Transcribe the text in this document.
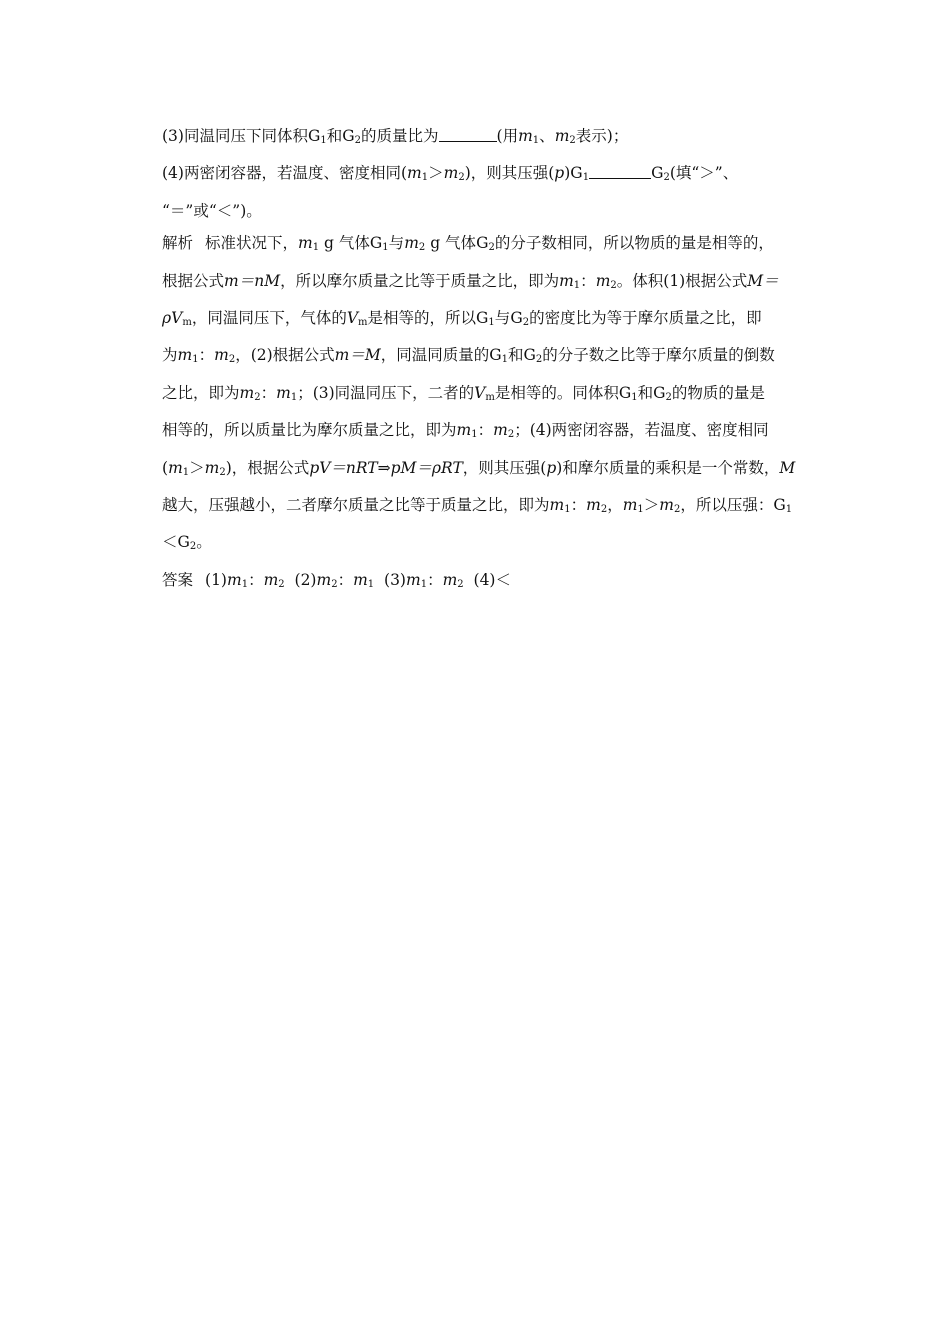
(3)同温同压下同体积G1和G2的质量比为	(用m1、m2表示)；
(4)两密闭容器，若温度、密度相同(m1＞m2)，则其压强(p)G1	G2(填“＞”、
“＝”或“＜”)。
解析 标准状况下，m1 g 气体G1与m2 g 气体G2的分子数相同，所以物质的量是相等的，
根据公式m＝nM，所以摩尔质量之比等于质量之比，即为m1：m2。体积(1)根据公式M＝
ρVm，同温同压下，气体的Vm是相等的，所以G1与G2的密度比为等于摩尔质量之比，即
为m1：m2，(2)根据公式m＝M，同温同质量的G1和G2的分子数之比等于摩尔质量的倒数
之比，即为m2：m1；(3)同温同压下，二者的Vm是相等的。同体积G1和G2的物质的量是
相等的，所以质量比为摩尔质量之比，即为m1：m2；(4)两密闭容器，若温度、密度相同
(m1＞m2)，根据公式pV＝nRT⇒pM＝ρRT，则其压强(p)和摩尔质量的乘积是一个常数，M
越大，压强越小，二者摩尔质量之比等于质量之比，即为m1：m2，m1＞m2，所以压强：G1
＜G2。
答案 (1)m1：m2 (2)m2：m1 (3)m1：m2 (4)＜
